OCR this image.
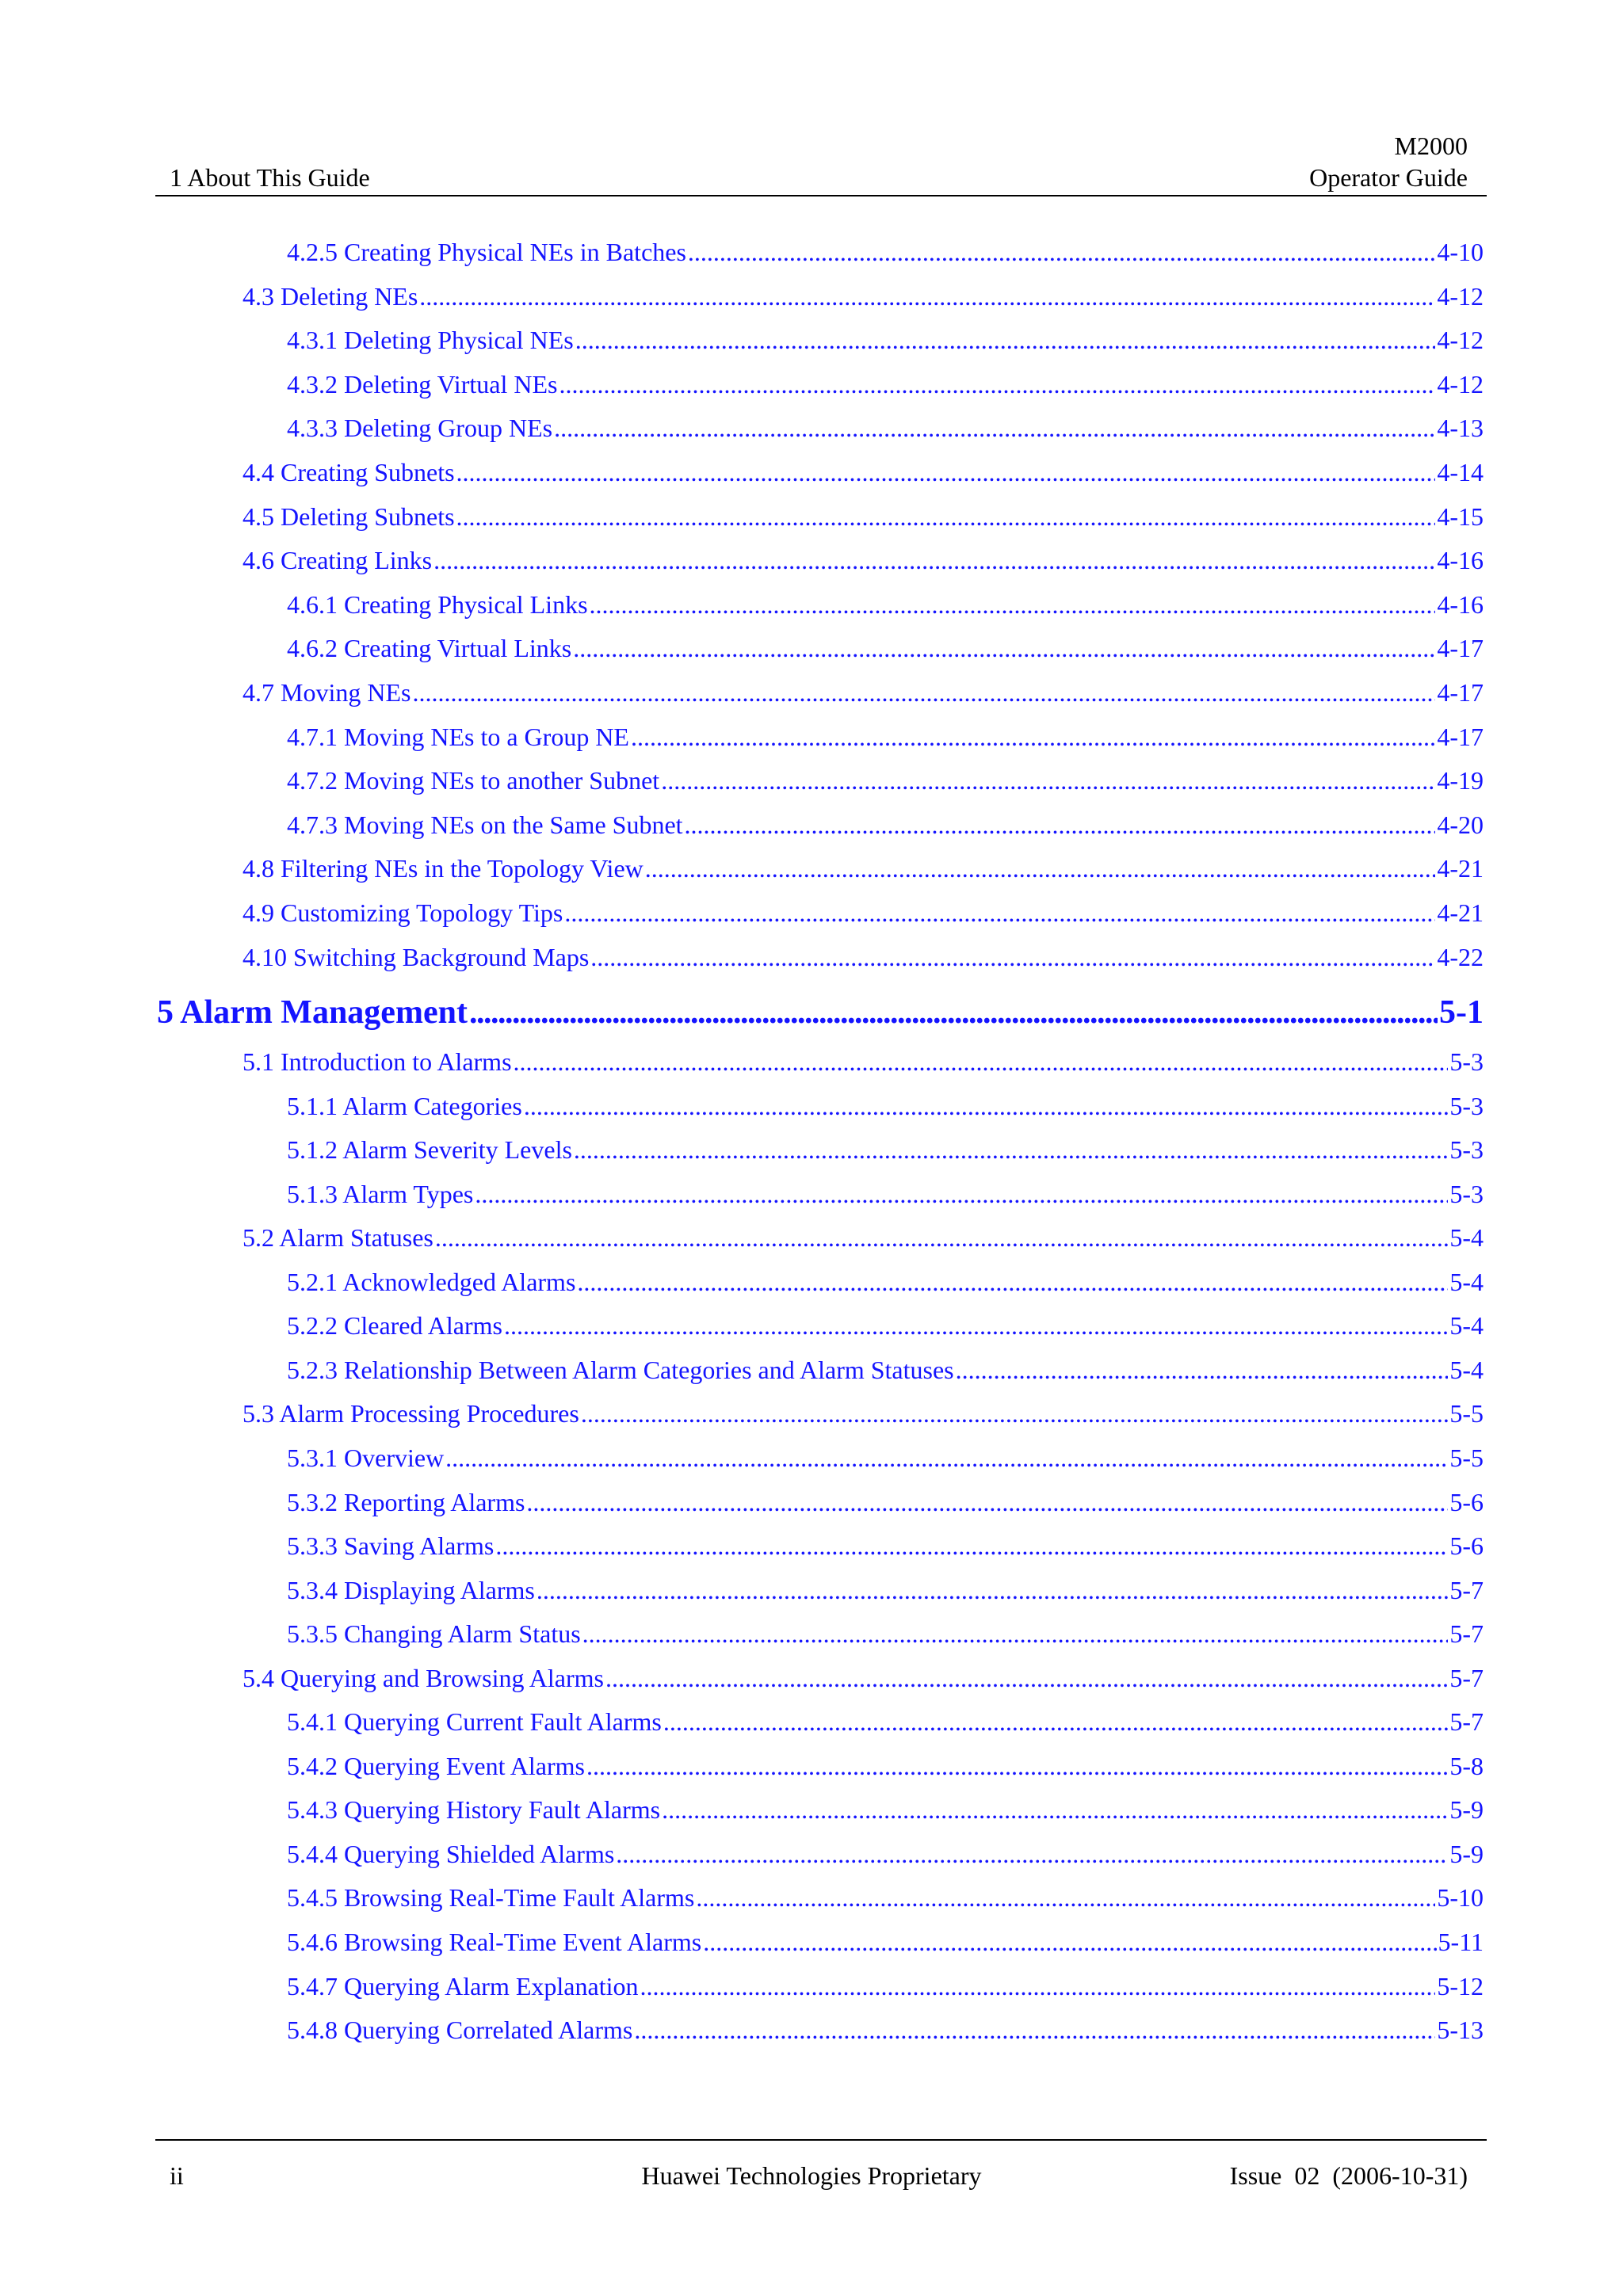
1 About This Guide
M2000
Operator Guide
4.2.5 Creating Physical NEs in Batches . . .	4-10
4.3 Deleting NEs . . .	4-12
4.3.1 Deleting Physical NEs . . .	4-12
4.3.2 Deleting Virtual NEs . . .	4-12
4.3.3 Deleting Group NEs . . .	4-13
4.4 Creating Subnets . . .	4-14
4.5 Deleting Subnets . . .	4-15
4.6 Creating Links . . .	4-16
4.6.1 Creating Physical Links . . .	4-16
4.6.2 Creating Virtual Links . . .	4-17
4.7 Moving NEs . . .	4-17
4.7.1 Moving NEs to a Group NE . . .	4-17
4.7.2 Moving NEs to another Subnet . . .	4-19
4.7.3 Moving NEs on the Same Subnet . . .	4-20
4.8 Filtering NEs in the Topology View . . .	4-21
4.9 Customizing Topology Tips . . .	4-21
4.10 Switching Background Maps . . .	4-22
5 Alarm Management . . .	5-1
5.1 Introduction to Alarms . . .	5-3
5.1.1 Alarm Categories . . .	5-3
5.1.2 Alarm Severity Levels . . .	5-3
5.1.3 Alarm Types . . .	5-3
5.2 Alarm Statuses . . .	5-4
5.2.1 Acknowledged Alarms . . .	5-4
5.2.2 Cleared Alarms . . .	5-4
5.2.3 Relationship Between Alarm Categories and Alarm Statuses . . .	5-4
5.3 Alarm Processing Procedures . . .	5-5
5.3.1 Overview . . .	5-5
5.3.2 Reporting Alarms . . .	5-6
5.3.3 Saving Alarms . . .	5-6
5.3.4 Displaying Alarms . . .	5-7
5.3.5 Changing Alarm Status . . .	5-7
5.4 Querying and Browsing Alarms . . .	5-7
5.4.1 Querying Current Fault Alarms . . .	5-7
5.4.2 Querying Event Alarms . . .	5-8
5.4.3 Querying History Fault Alarms . . .	5-9
5.4.4 Querying Shielded Alarms . . .	5-9
5.4.5 Browsing Real-Time Fault Alarms . . .	5-10
5.4.6 Browsing Real-Time Event Alarms . . .	5-11
5.4.7 Querying Alarm Explanation . . .	5-12
5.4.8 Querying Correlated Alarms . . .	5-13
ii	Huawei Technologies Proprietary	Issue  02  (2006-10-31)
